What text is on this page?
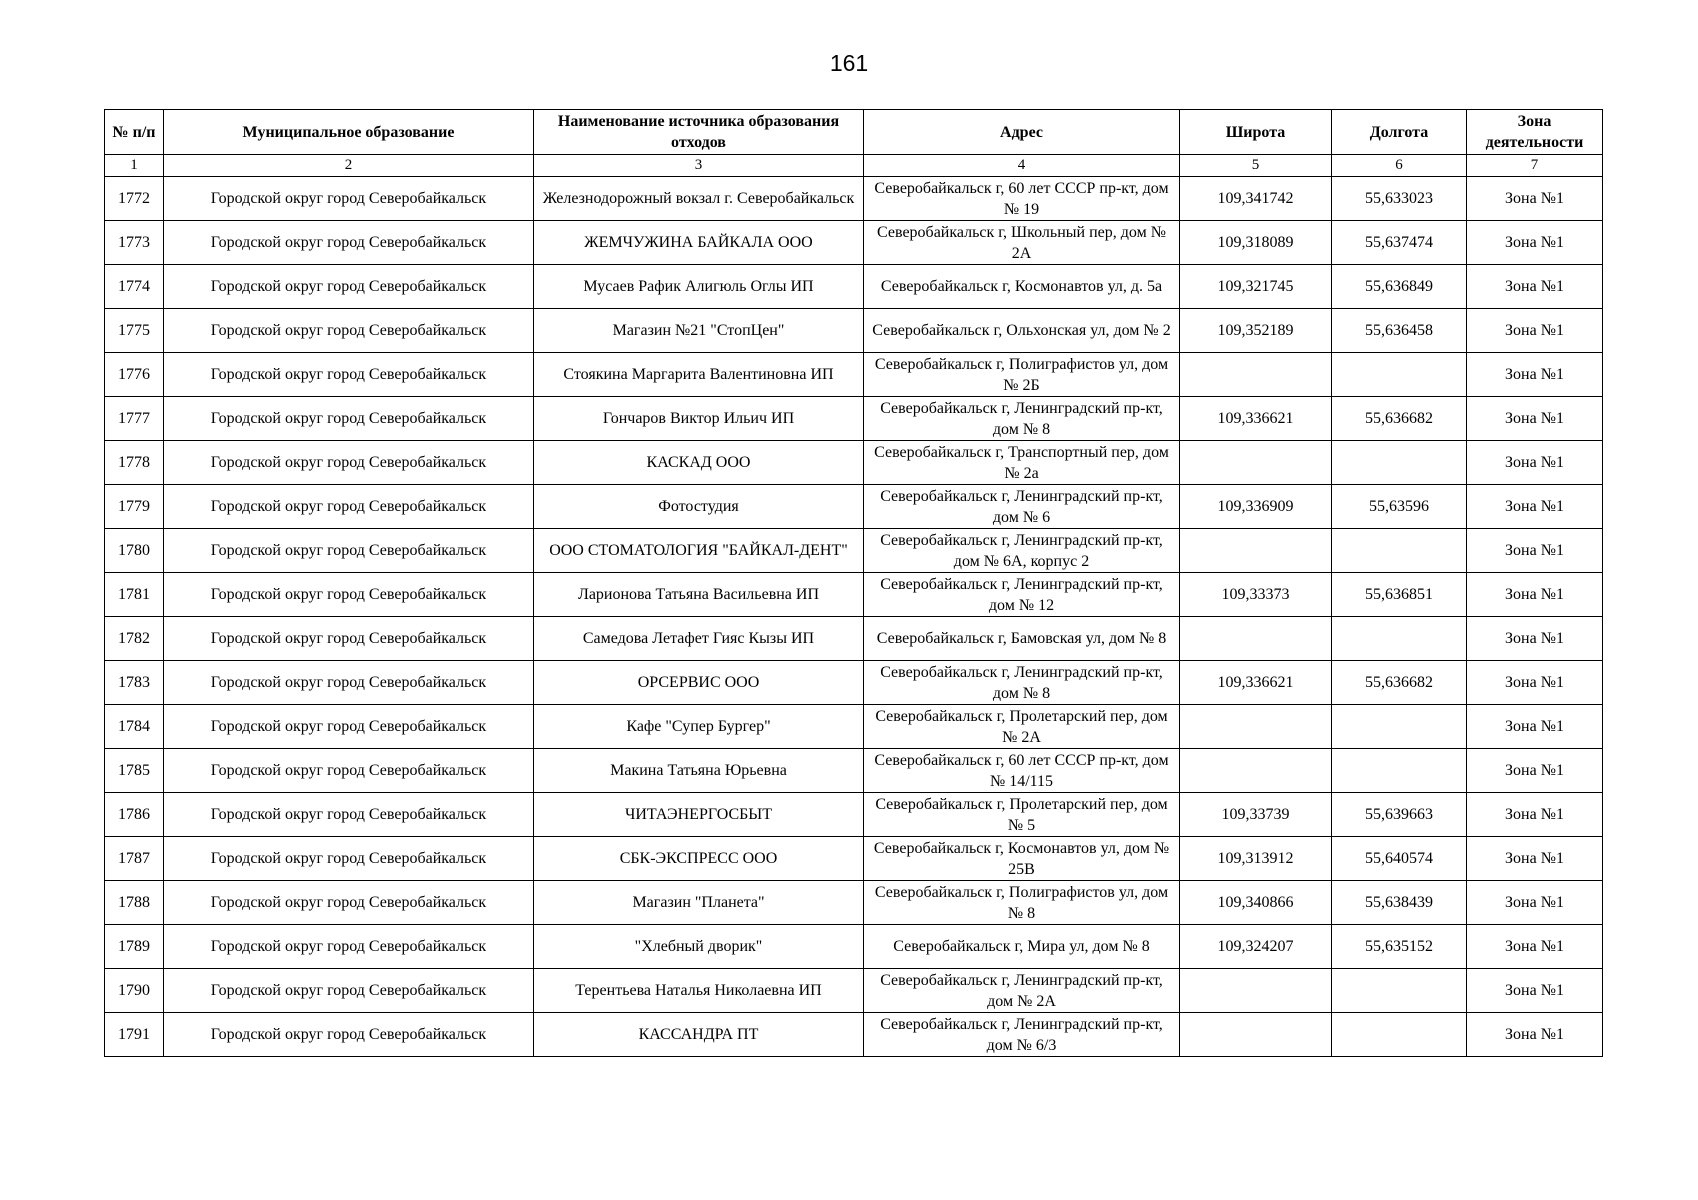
161
№ п/п	Муниципальное образование	Наименование источника образования отходов	Адрес	Широта	Долгота	Зона деятельности
1	2	3	4	5	6	7
1772	Городской округ город Северобайкальск	Железнодорожный вокзал г. Северобайкальск	Северобайкальск г, 60 лет СССР пр-кт, дом № 19	109,341742	55,633023	Зона №1
1773	Городской округ город Северобайкальск	ЖЕМЧУЖИНА БАЙКАЛА ООО	Северобайкальск г, Школьный пер, дом № 2А	109,318089	55,637474	Зона №1
1774	Городской округ город Северобайкальск	Мусаев Рафик Алигюль Оглы ИП	Северобайкальск г, Космонавтов ул, д. 5а	109,321745	55,636849	Зона №1
1775	Городской округ город Северобайкальск	Магазин №21 "СтопЦен"	Северобайкальск г, Ольхонская ул, дом № 2	109,352189	55,636458	Зона №1
1776	Городской округ город Северобайкальск	Стоякина Маргарита Валентиновна ИП	Северобайкальск г, Полиграфистов ул, дом № 2Б			Зона №1
1777	Городской округ город Северобайкальск	Гончаров Виктор Ильич ИП	Северобайкальск г, Ленинградский пр-кт, дом № 8	109,336621	55,636682	Зона №1
1778	Городской округ город Северобайкальск	КАСКАД ООО	Северобайкальск г, Транспортный пер, дом № 2а			Зона №1
1779	Городской округ город Северобайкальск	Фотостудия	Северобайкальск г, Ленинградский пр-кт, дом № 6	109,336909	55,63596	Зона №1
1780	Городской округ город Северобайкальск	ООО СТОМАТОЛОГИЯ "БАЙКАЛ-ДЕНТ"	Северобайкальск г, Ленинградский пр-кт, дом № 6А, корпус 2			Зона №1
1781	Городской округ город Северобайкальск	Ларионова Татьяна Васильевна ИП	Северобайкальск г, Ленинградский пр-кт, дом № 12	109,33373	55,636851	Зона №1
1782	Городской округ город Северобайкальск	Самедова Летафет Гияс Кызы ИП	Северобайкальск г, Бамовская ул, дом № 8			Зона №1
1783	Городской округ город Северобайкальск	ОРСЕРВИС ООО	Северобайкальск г, Ленинградский пр-кт, дом № 8	109,336621	55,636682	Зона №1
1784	Городской округ город Северобайкальск	Кафе "Супер Бургер"	Северобайкальск г, Пролетарский пер, дом № 2А			Зона №1
1785	Городской округ город Северобайкальск	Макина Татьяна Юрьевна	Северобайкальск г, 60 лет СССР пр-кт, дом № 14/115			Зона №1
1786	Городской округ город Северобайкальск	ЧИТАЭНЕРГОСБЫТ	Северобайкальск г, Пролетарский пер, дом № 5	109,33739	55,639663	Зона №1
1787	Городской округ город Северобайкальск	СБК-ЭКСПРЕСС ООО	Северобайкальск г, Космонавтов ул, дом № 25В	109,313912	55,640574	Зона №1
1788	Городской округ город Северобайкальск	Магазин "Планета"	Северобайкальск г, Полиграфистов ул, дом № 8	109,340866	55,638439	Зона №1
1789	Городской округ город Северобайкальск	"Хлебный дворик"	Северобайкальск г, Мира ул, дом № 8	109,324207	55,635152	Зона №1
1790	Городской округ город Северобайкальск	Терентьева Наталья Николаевна ИП	Северобайкальск г, Ленинградский пр-кт, дом № 2А			Зона №1
1791	Городской округ город Северобайкальск	КАССАНДРА ПТ	Северобайкальск г, Ленинградский пр-кт, дом № 6/3			Зона №1
